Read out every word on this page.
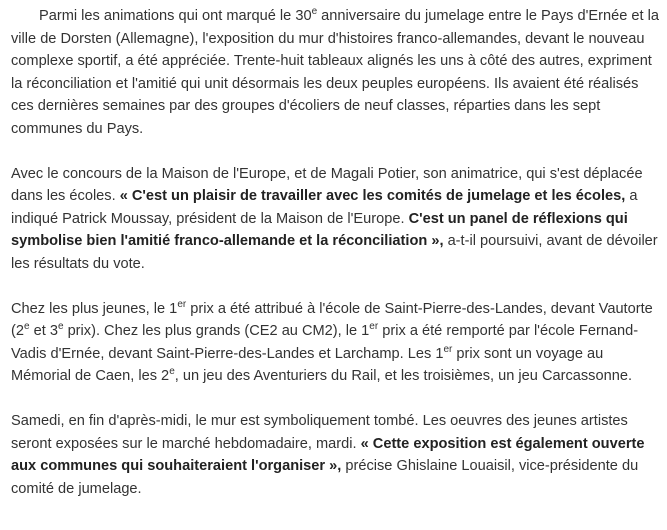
Parmi les animations qui ont marqué le 30e anniversaire du jumelage entre le Pays d'Ernée et la ville de Dorsten (Allemagne), l'exposition du mur d'histoires franco-allemandes, devant le nouveau complexe sportif, a été appréciée. Trente-huit tableaux alignés les uns à côté des autres, expriment la réconciliation et l'amitié qui unit désormais les deux peuples européens. Ils avaient été réalisés ces dernières semaines par des groupes d'écoliers de neuf classes, réparties dans les sept communes du Pays.

Avec le concours de la Maison de l'Europe, et de Magali Potier, son animatrice, qui s'est déplacée dans les écoles. « C'est un plaisir de travailler avec les comités de jumelage et les écoles, a indiqué Patrick Moussay, président de la Maison de l'Europe. C'est un panel de réflexions qui symbolise bien l'amitié franco-allemande et la réconciliation », a-t-il poursuivi, avant de dévoiler les résultats du vote.

Chez les plus jeunes, le 1er prix a été attribué à l'école de Saint-Pierre-des-Landes, devant Vautorte (2e et 3e prix). Chez les plus grands (CE2 au CM2), le 1er prix a été remporté par l'école Fernand-Vadis d'Ernée, devant Saint-Pierre-des-Landes et Larchamp. Les 1er prix sont un voyage au Mémorial de Caen, les 2e, un jeu des Aventuriers du Rail, et les troisièmes, un jeu Carcassonne.

Samedi, en fin d'après-midi, le mur est symboliquement tombé. Les oeuvres des jeunes artistes seront exposées sur le marché hebdomadaire, mardi. « Cette exposition est également ouverte aux communes qui souhaiteraient l'organiser », précise Ghislaine Louaisil, vice-présidente du comité de jumelage.
